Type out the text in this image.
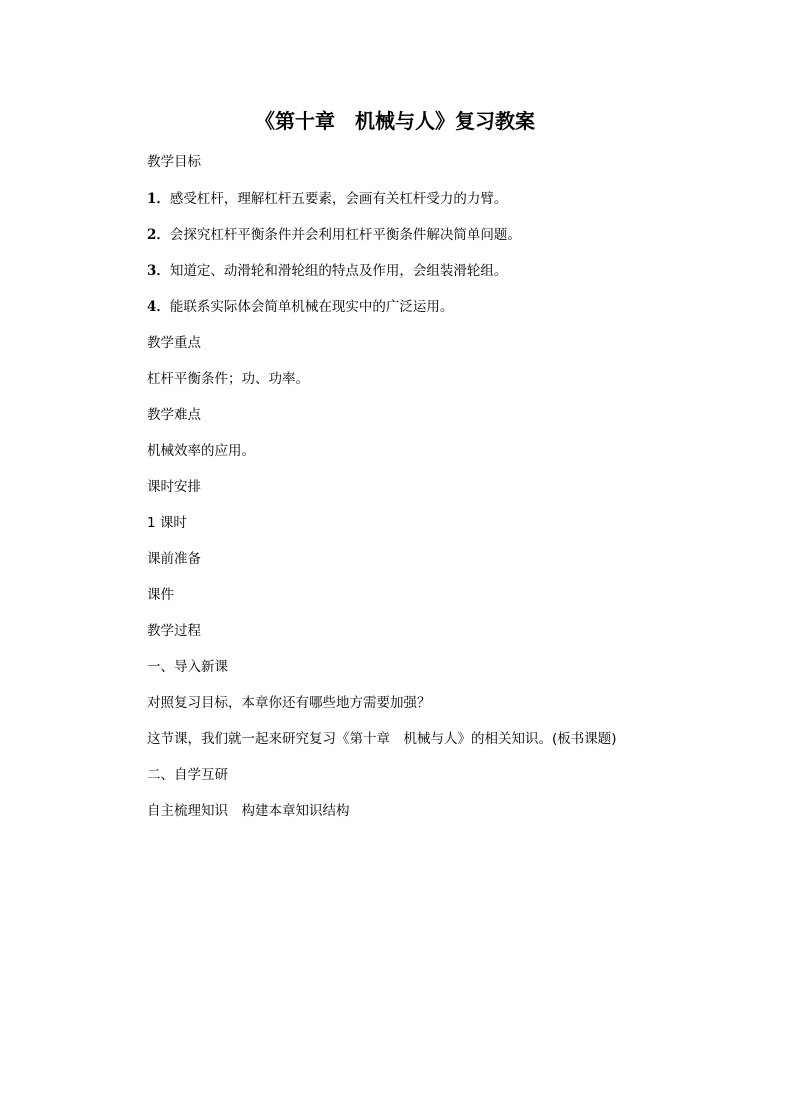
《第十章　机械与人》复习教案
教学目标
1．感受杠杆，理解杠杆五要素，会画有关杠杆受力的力臂。
2．会探究杠杆平衡条件并会利用杠杆平衡条件解决简单问题。
3．知道定、动滑轮和滑轮组的特点及作用，会组装滑轮组。
4．能联系实际体会简单机械在现实中的广泛运用。
教学重点
杠杆平衡条件；功、功率。
教学难点
机械效率的应用。
课时安排
1 课时
课前准备
课件
教学过程
一、导入新课
对照复习目标，本章你还有哪些地方需要加强？
这节课，我们就一起来研究复习《第十章　机械与人》的相关知识。(板书课题)
二、自学互研
自主梳理知识　构建本章知识结构
